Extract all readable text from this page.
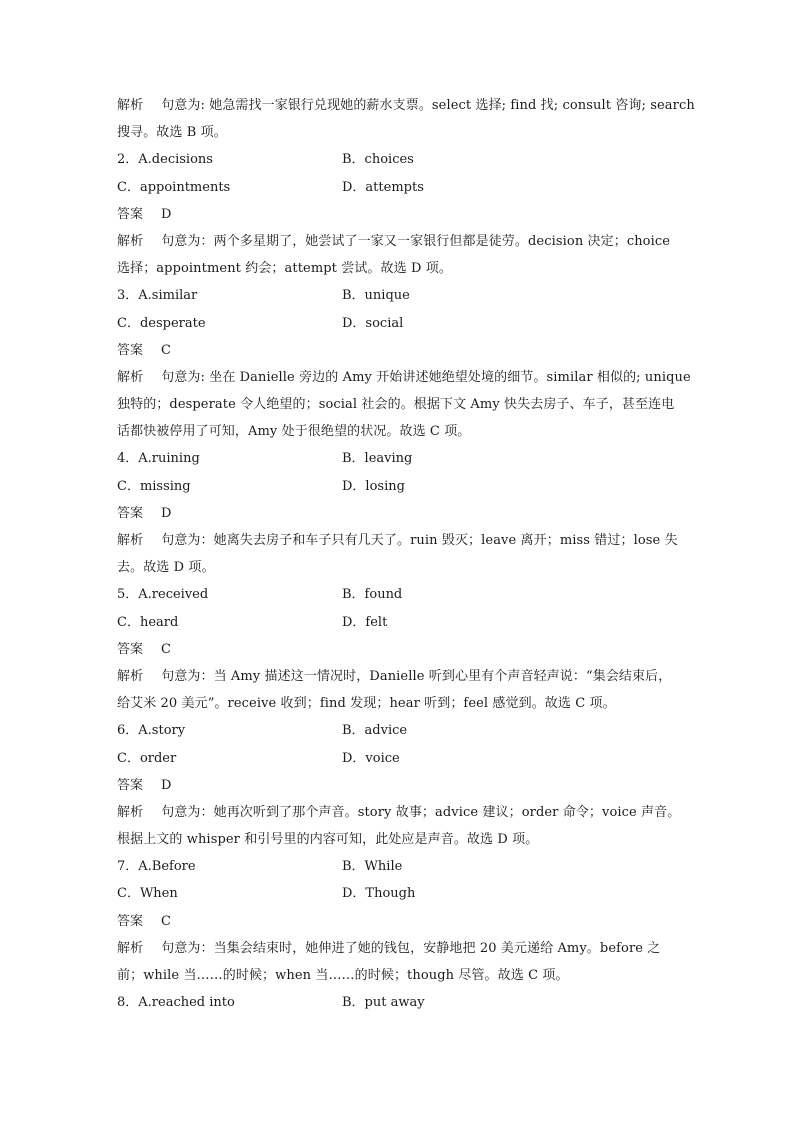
解析 句意为: 她急需找一家银行兑现她的薪水支票。select 选择; find 找; consult 咨询; search
搜寻。故选 B 项。
2．A.decisions	B．choices
C．appointments	D．attempts
答案 D
解析 句意为：两个多星期了，她尝试了一家又一家银行但都是徒劳。decision 决定；choice
选择；appointment 约会；attempt 尝试。故选 D 项。
3．A.similar	B．unique
C．desperate	D．social
答案 C
解析 句意为: 坐在 Danielle 旁边的 Amy 开始讲述她绝望处境的细节。similar 相似的; unique
独特的；desperate 令人绝望的；social 社会的。根据下文 Amy 快失去房子、车子，甚至连电
话都快被停用了可知，Amy 处于很绝望的状况。故选 C 项。
4．A.ruining	B．leaving
C．missing	D．losing
答案 D
解析 句意为：她离失去房子和车子只有几天了。ruin 毁灭；leave 离开；miss 错过；lose 失
去。故选 D 项。
5．A.received	B．found
C．heard	D．felt
答案 C
解析 句意为：当 Amy 描述这一情况时，Danielle 听到心里有个声音轻声说：“集会结束后，
给艾米 20 美元”。receive 收到；find 发现；hear 听到；feel 感觉到。故选 C 项。
6．A.story	B．advice
C．order	D．voice
答案 D
解析 句意为：她再次听到了那个声音。story 故事；advice 建议；order 命令；voice 声音。
根据上文的 whisper 和引号里的内容可知，此处应是声音。故选 D 项。
7．A.Before	B．While
C．When	D．Though
答案 C
解析 句意为：当集会结束时，她伸进了她的钱包，安静地把 20 美元递给 Amy。before 之
前；while 当……的时候；when 当……的时候；though 尽管。故选 C 项。
8．A.reached into	B．put away
